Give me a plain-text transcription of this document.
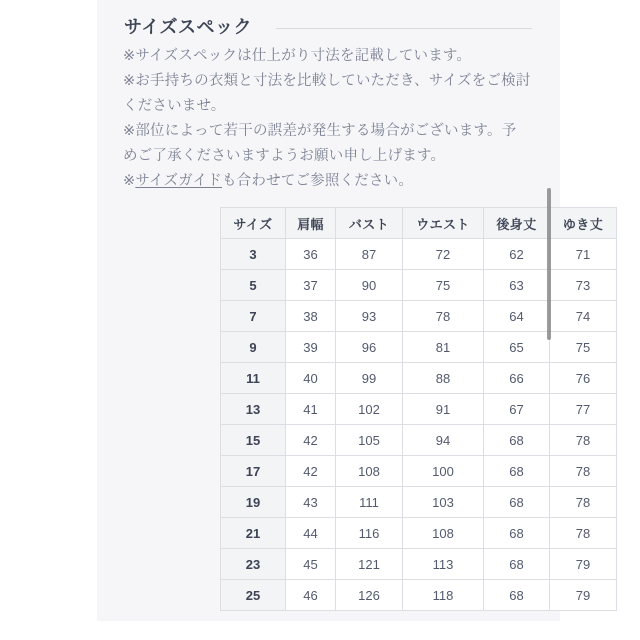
サイズスペック

※サイズスペックは仕上がり寸法を記載しています。

※お手持ちの衣類と寸法を比較していただき、サイズをご検討くださいませ。

※部位によって若干の誤差が発生する場合がございます。予めご了承くださいますようお願い申し上げます。

※サイズガイドも合わせてご参照ください。

サイズ	肩幅	バスト	ウエスト	後身丈	ゆき丈
3	36	87	72	62	71
5	37	90	75	63	73
7	38	93	78	64	74
9	39	96	81	65	75
11	40	99	88	66	76
13	41	102	91	67	77
15	42	105	94	68	78
17	42	108	100	68	78
19	43	111	103	68	78
21	44	116	108	68	78
23	45	121	113	68	79
25	46	126	118	68	79
